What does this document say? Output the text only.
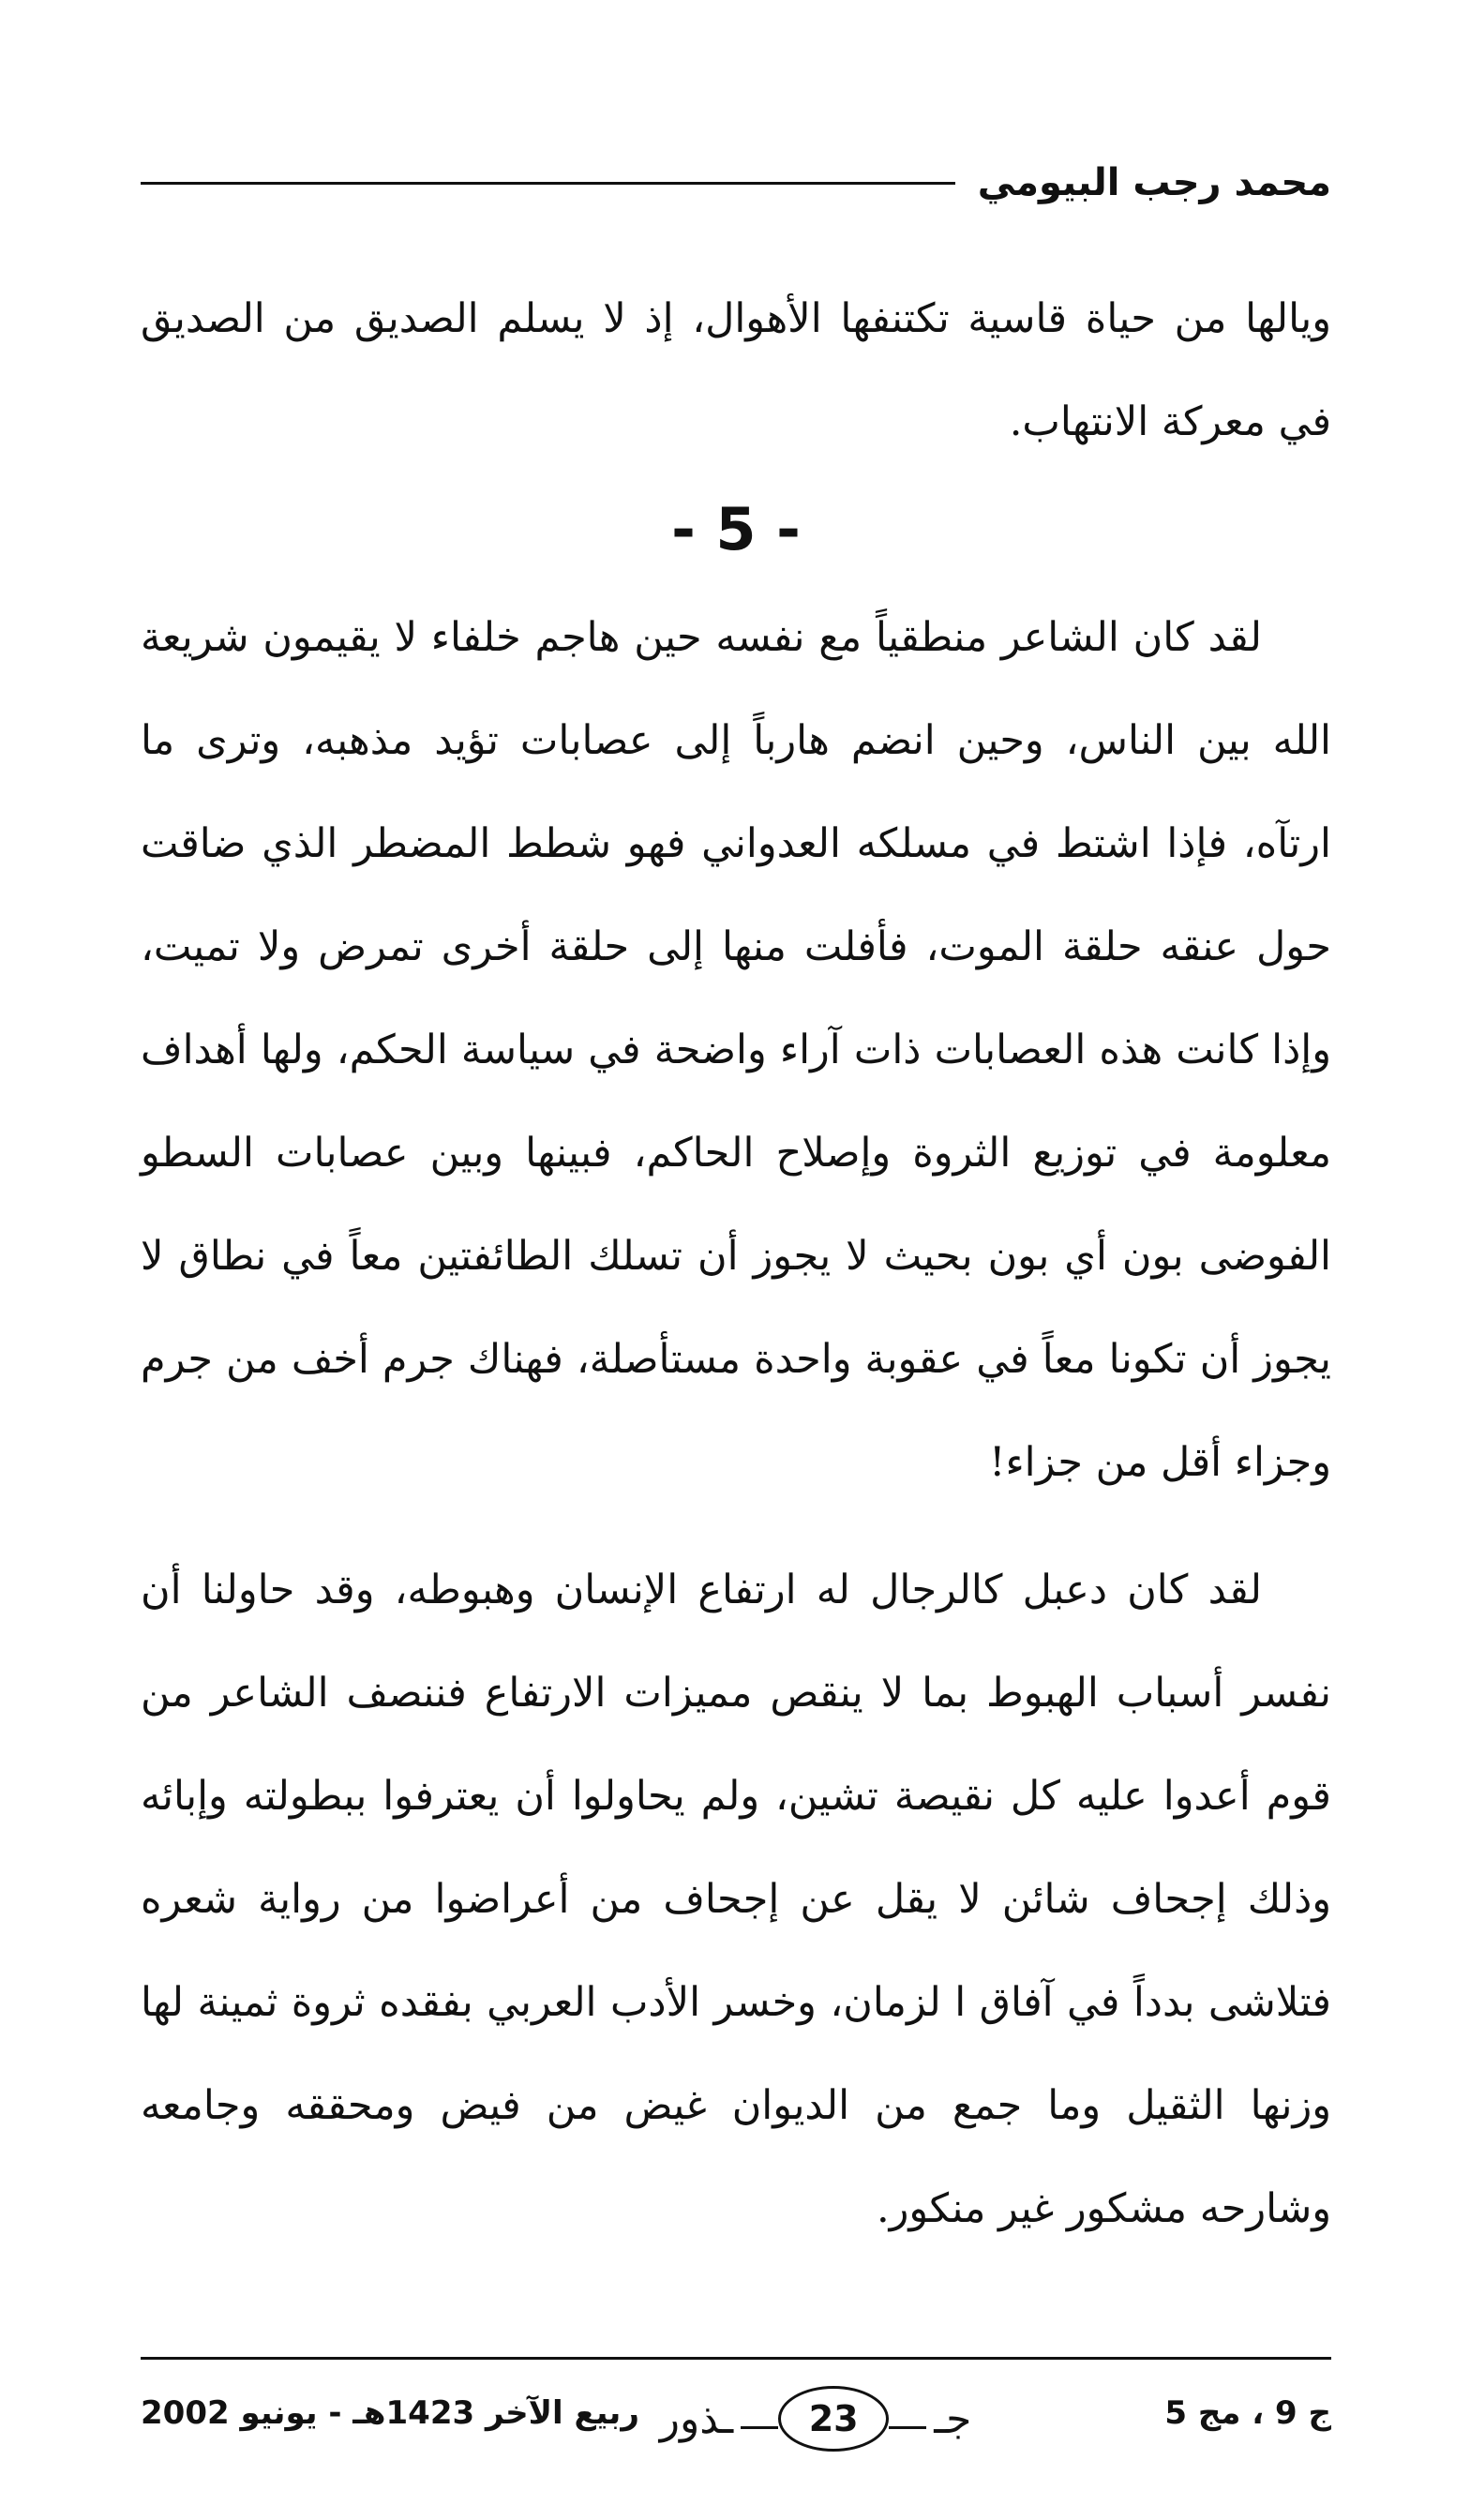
محمد رجب البيومي

ويالها من حياة قاسية تكتنفها الأهوال، إذ لا يسلم الصديق من الصديق في معركة الانتهاب.

- 5 -

لقد كان الشاعر منطقياً مع نفسه حين هاجم خلفاء لا يقيمون شريعة الله بين الناس، وحين انضم هارباً إلى عصابات تؤيد مذهبه، وترى ما ارتآه، فإذا اشتط في مسلكه العدواني فهو شطط المضطر الذي ضاقت حول عنقه حلقة الموت، فأفلت منها إلى حلقة أخرى تمرض ولا تميت، وإذا كانت هذه العصابات ذات آراء واضحة في سياسة الحكم، ولها أهداف معلومة في توزيع الثروة وإصلاح الحاكم، فبينها وبين عصابات السطو الفوضى بون أي بون بحيث لا يجوز أن تسلك الطائفتين معاً في نطاق لا يجوز أن تكونا معاً في عقوبة واحدة مستأصلة، فهناك جرم أخف من جرم وجزاء أقل من جزاء!

لقد كان دعبل كالرجال له ارتفاع الإنسان وهبوطه، وقد حاولنا أن نفسر أسباب الهبوط بما لا ينقص مميزات الارتفاع فننصف الشاعر من قوم أعدوا عليه كل نقيصة تشين، ولم يحاولوا أن يعترفوا ببطولته وإبائه وذلك إجحاف شائن لا يقل عن إجحاف من أعراضوا من رواية شعره فتلاشى بدداً في آفاق ا لزمان، وخسر الأدب العربي بفقده ثروة ثمينة لها وزنها الثقيل وما جمع من الديوان غيض من فيض ومحققه وجامعه وشارحه مشكور غير منكور.

ج 9 ، مج 5
ـذور	23	جـ
ربيع الآخر 1423هـ - يونيو 2002
